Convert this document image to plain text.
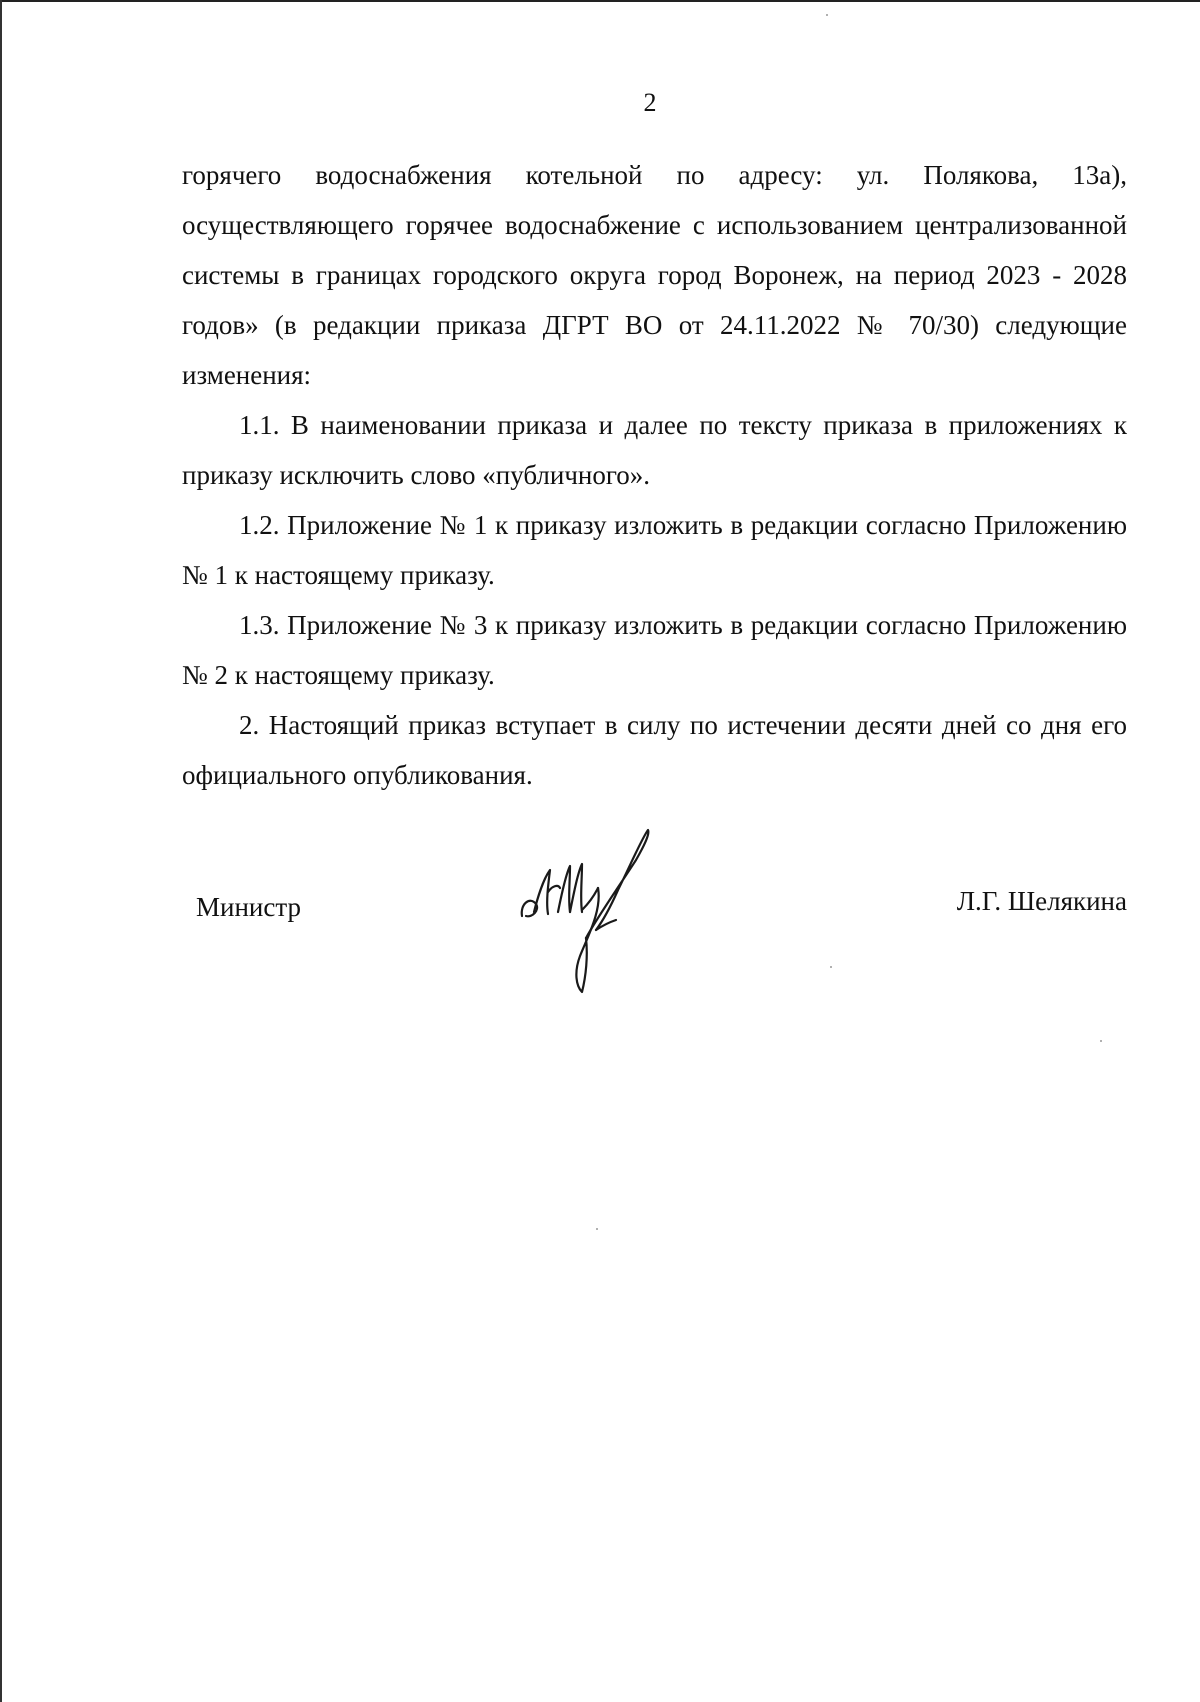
2

горячего водоснабжения котельной по адресу: ул. Полякова, 13а), осуществляющего горячее водоснабжение с использованием централизованной системы в границах городского округа город Воронеж, на период 2023 - 2028 годов» (в редакции приказа ДГРТ ВО от 24.11.2022 № 70/30) следующие изменения:

1.1. В наименовании приказа и далее по тексту приказа в приложениях к приказу исключить слово «публичного».

1.2. Приложение № 1 к приказу изложить в редакции согласно Приложению № 1 к настоящему приказу.

1.3. Приложение № 3 к приказу изложить в редакции согласно Приложению № 2 к настоящему приказу.

2. Настоящий приказ вступает в силу по истечении десяти дней со дня его официального опубликования.

Министр	Л.Г. Шелякина
